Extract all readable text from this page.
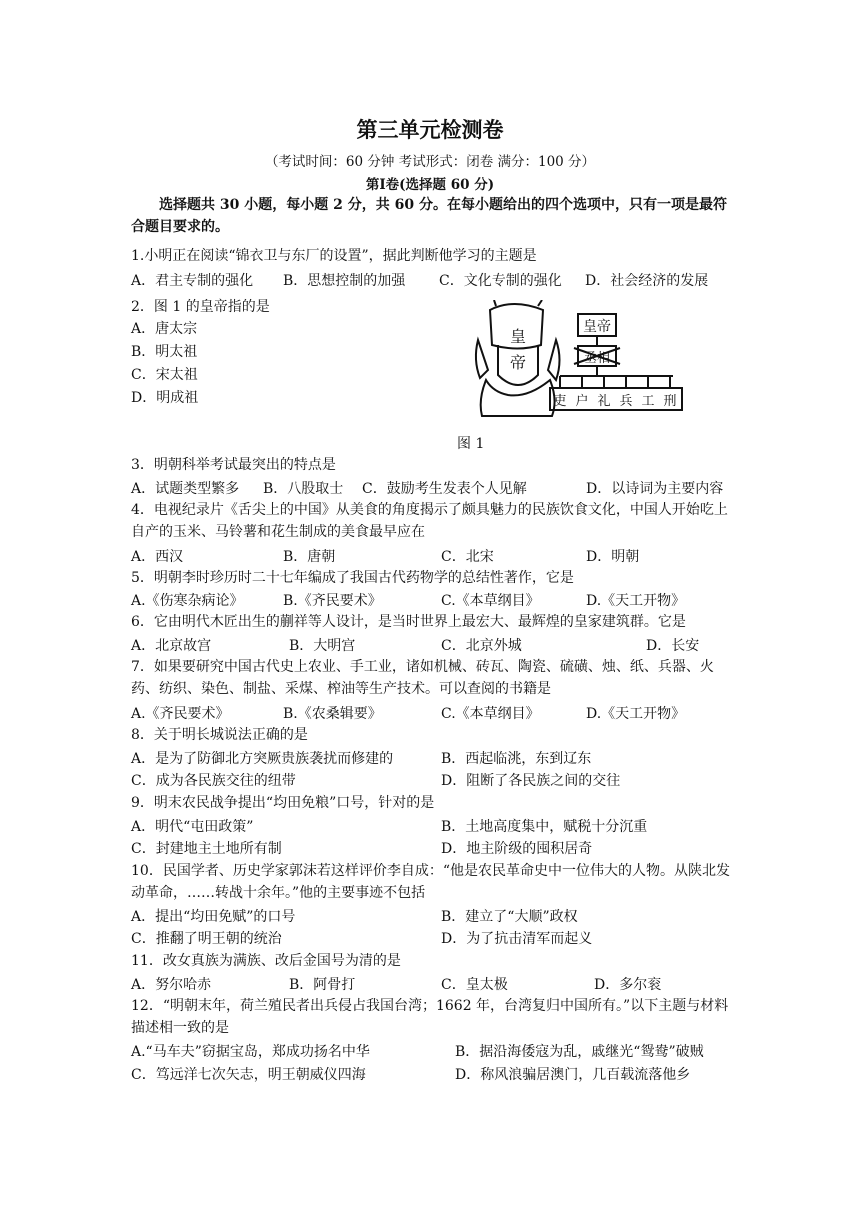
第三单元检测卷
（考试时间：60 分钟 考试形式：闭卷 满分：100 分）
第Ⅰ卷(选择题 60 分)
选择题共 30 小题，每小题 2 分，共 60 分。在每小题给出的四个选项中，只有一项是最符合题目要求的。
1.小明正在阅读“锦衣卫与东厂的设置”，据此判断他学习的主题是
A．君主专制的强化 B．思想控制的加强 C．文化专制的强化 D．社会经济的发展
2．图 1 的皇帝指的是
A．唐太宗
B．明太祖
C．宋太祖
D．明成祖
皇
帝
皇帝
丞相
吏 户 礼 兵 工 刑
图 1
3．明朝科举考试最突出的特点是
A．试题类型繁多 B．八股取士 C．鼓励考生发表个人见解	D．以诗词为主要内容
4．电视纪录片《舌尖上的中国》从美食的角度揭示了颇具魅力的民族饮食文化，中国人开始吃上自产的玉米、马铃薯和花生制成的美食最早应在
A．西汉	B．唐朝	C．北宋	D．明朝
5．明朝李时珍历时二十七年编成了我国古代药物学的总结性著作，它是
A.《伤寒杂病论》	B.《齐民要术》	C.《本草纲目》	D.《天工开物》
6．它由明代木匠出生的蒯祥等人设计，是当时世界上最宏大、最辉煌的皇家建筑群。它是
A．北京故宫	B．大明宫	C．北京外城	D．长安
7．如果要研究中国古代史上农业、手工业，诸如机械、砖瓦、陶瓷、硫磺、烛、纸、兵器、火药、纺织、染色、制盐、采煤、榨油等生产技术。可以查阅的书籍是
A.《齐民要术》	B.《农桑辑要》	C.《本草纲目》	D.《天工开物》
8．关于明长城说法正确的是
A．是为了防御北方突厥贵族袭扰而修建的	B．西起临洮，东到辽东
C．成为各民族交往的纽带	D．阻断了各民族之间的交往
9．明末农民战争提出“均田免粮”口号，针对的是
A．明代“屯田政策”	B．土地高度集中，赋税十分沉重
C．封建地主土地所有制	D．地主阶级的囤积居奇
10．民国学者、历史学家郭沫若这样评价李自成：“他是农民革命史中一位伟大的人物。从陕北发动革命，……转战十余年。”他的主要事迹不包括
A．提出“均田免赋”的口号	B．建立了“大顺”政权
C．推翻了明王朝的统治	D．为了抗击清军而起义
11．改女真族为满族、改后金国号为清的是
A．努尔哈赤	B．阿骨打	C．皇太极	D．多尔衮
12．“明朝末年，荷兰殖民者出兵侵占我国台湾；1662 年，台湾复归中国所有。”以下主题与材料描述相一致的是
A.“马车夫”窃据宝岛，郑成功扬名中华	B．据沿海倭寇为乱，戚继光“鸳鸯”破贼
C．笃远洋七次矢志，明王朝威仪四海	D．称风浪骗居澳门，几百载流落他乡
